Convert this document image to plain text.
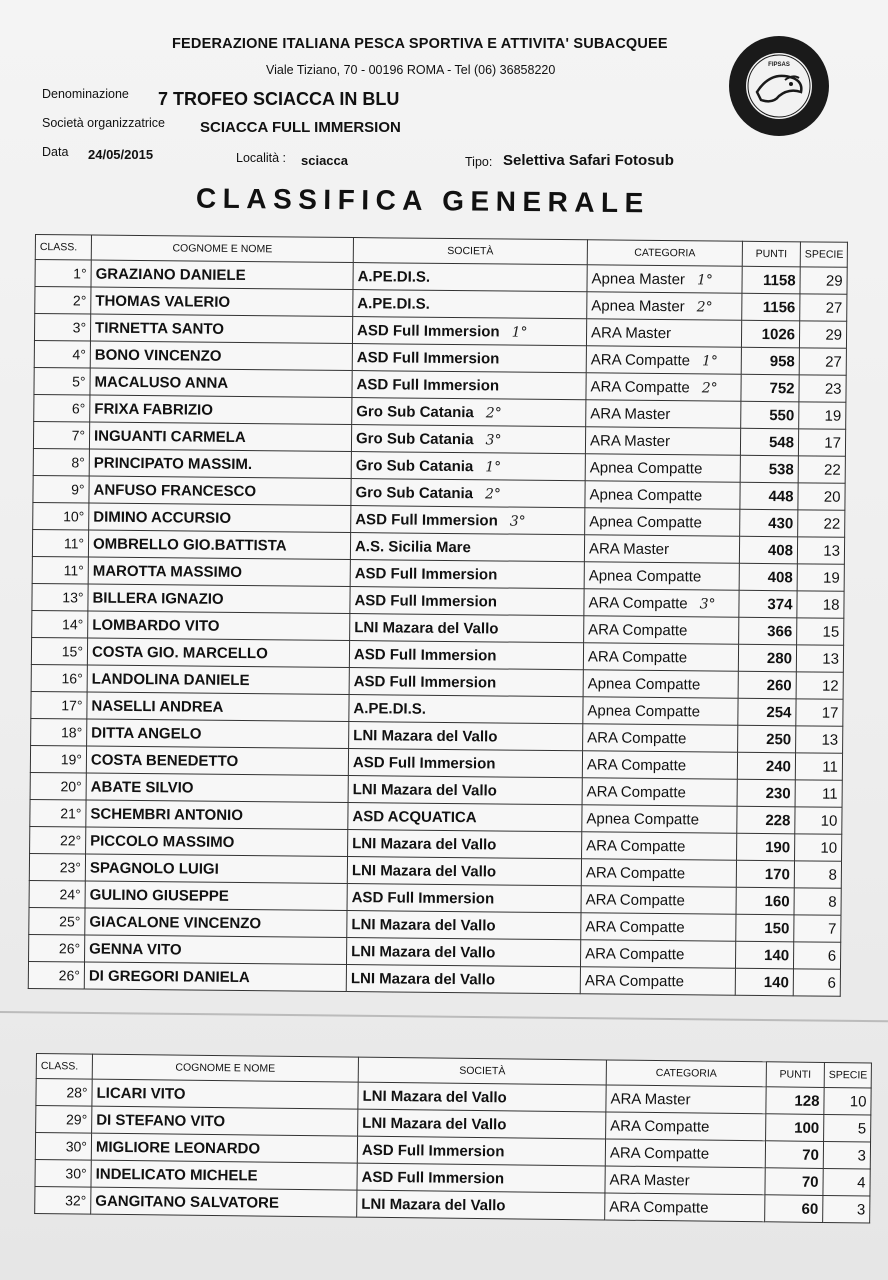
FEDERAZIONE ITALIANA PESCA SPORTIVA E ATTIVITA' SUBACQUEE
Viale Tiziano, 70 - 00196 ROMA - Tel (06) 36858220	FIPSAS
Denominazione 7 TROFEO SCIACCA IN BLU
Società organizzatrice SCIACCA FULL IMMERSION
Data 24/05/2015	Località : sciacca	Tipo: Selettiva Safari Fotosub
CLASSIFICA GENERALE
CLASS.	COGNOME E NOME	SOCIETÀ	CATEGORIA	PUNTI	SPECIE
1°	GRAZIANO DANIELE	A.PE.DI.S.	Apnea Master 1°	1158	29
2°	THOMAS VALERIO	A.PE.DI.S.	Apnea Master 2°	1156	27
3°	TIRNETTA SANTO	ASD Full Immersion 1°	ARA Master	1026	29
4°	BONO VINCENZO	ASD Full Immersion	ARA Compatte 1°	958	27
5°	MACALUSO ANNA	ASD Full Immersion	ARA Compatte 2°	752	23
6°	FRIXA FABRIZIO	Gro Sub Catania 2°	ARA Master	550	19
7°	INGUANTI CARMELA	Gro Sub Catania 3°	ARA Master	548	17
8°	PRINCIPATO MASSIM.	Gro Sub Catania 1°	Apnea Compatte	538	22
9°	ANFUSO FRANCESCO	Gro Sub Catania 2°	Apnea Compatte	448	20
10°	DIMINO ACCURSIO	ASD Full Immersion 3°	Apnea Compatte	430	22
11°	OMBRELLO GIO.BATTISTA	A.S. Sicilia Mare	ARA Master	408	13
11°	MAROTTA MASSIMO	ASD Full Immersion	Apnea Compatte	408	19
13°	BILLERA IGNAZIO	ASD Full Immersion	ARA Compatte 3°	374	18
14°	LOMBARDO VITO	LNI Mazara del Vallo	ARA Compatte	366	15
15°	COSTA GIO. MARCELLO	ASD Full Immersion	ARA Compatte	280	13
16°	LANDOLINA DANIELE	ASD Full Immersion	Apnea Compatte	260	12
17°	NASELLI ANDREA	A.PE.DI.S.	Apnea Compatte	254	17
18°	DITTA ANGELO	LNI Mazara del Vallo	ARA Compatte	250	13
19°	COSTA BENEDETTO	ASD Full Immersion	ARA Compatte	240	11
20°	ABATE SILVIO	LNI Mazara del Vallo	ARA Compatte	230	11
21°	SCHEMBRI ANTONIO	ASD ACQUATICA	Apnea Compatte	228	10
22°	PICCOLO MASSIMO	LNI Mazara del Vallo	ARA Compatte	190	10
23°	SPAGNOLO LUIGI	LNI Mazara del Vallo	ARA Compatte	170	8
24°	GULINO GIUSEPPE	ASD Full Immersion	ARA Compatte	160	8
25°	GIACALONE VINCENZO	LNI Mazara del Vallo	ARA Compatte	150	7
26°	GENNA VITO	LNI Mazara del Vallo	ARA Compatte	140	6
26°	DI GREGORI DANIELA	LNI Mazara del Vallo	ARA Compatte	140	6
CLASS.	COGNOME E NOME	SOCIETÀ	CATEGORIA	PUNTI	SPECIE
28°	LICARI VITO	LNI Mazara del Vallo	ARA Master	128	10
29°	DI STEFANO VITO	LNI Mazara del Vallo	ARA Compatte	100	5
30°	MIGLIORE LEONARDO	ASD Full Immersion	ARA Compatte	70	3
30°	INDELICATO MICHELE	ASD Full Immersion	ARA Master	70	4
32°	GANGITANO SALVATORE	LNI Mazara del Vallo	ARA Compatte	60	3
